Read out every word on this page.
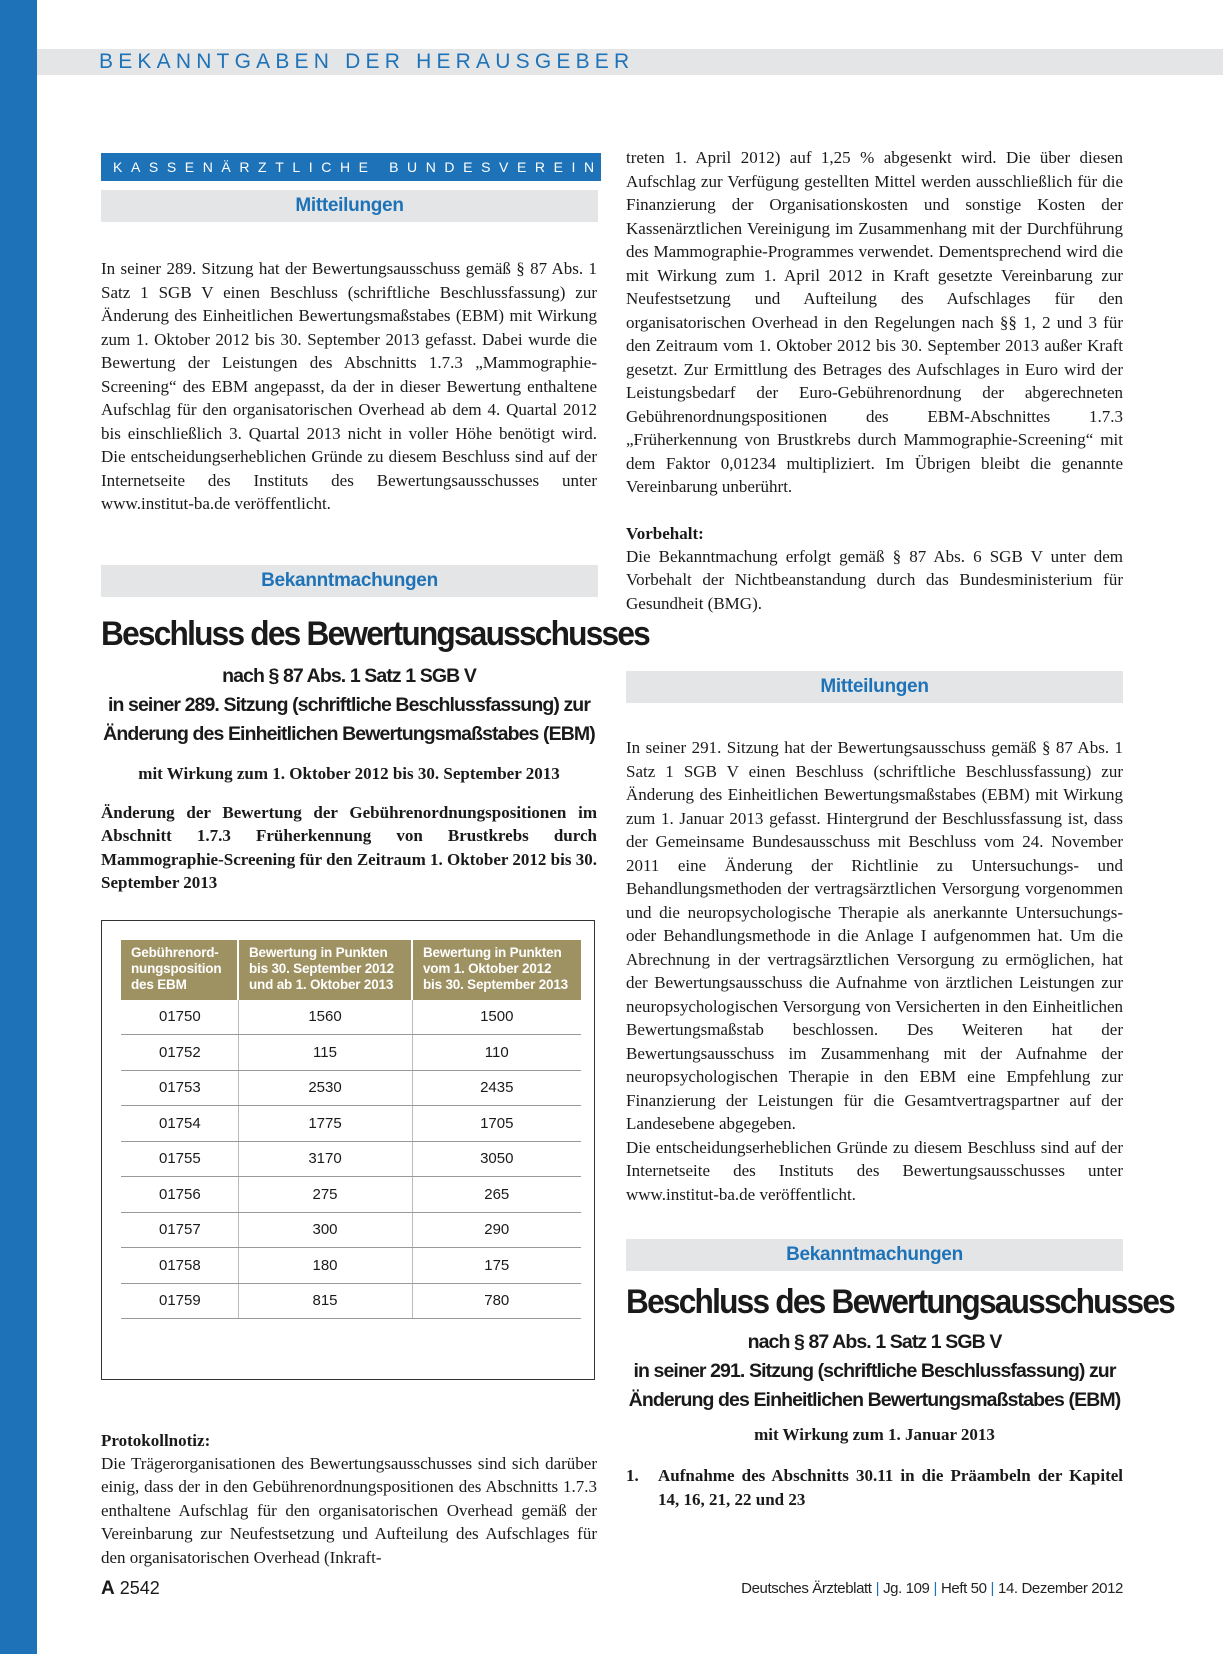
BEKANNTGABEN DER HERAUSGEBER
KASSENÄRZTLICHE BUNDESVEREINIGUNG
Mitteilungen

In seiner 289. Sitzung hat der Bewertungsausschuss gemäß § 87 Abs. 1 Satz 1 SGB V einen Beschluss (schriftliche Beschlussfassung) zur Änderung des Einheitlichen Bewertungsmaßstabes (EBM) mit Wirkung zum 1. Oktober 2012 bis 30. September 2013 gefasst. Dabei wurde die Bewertung der Leistungen des Abschnitts 1.7.3 „Mammographie-Screening“ des EBM angepasst, da der in dieser Bewertung enthaltene Aufschlag für den organisatorischen Overhead ab dem 4. Quartal 2012 bis einschließlich 3. Quartal 2013 nicht in voller Höhe benötigt wird. Die entscheidungserheblichen Gründe zu diesem Beschluss sind auf der Internetseite des Instituts des Bewertungsausschusses unter www.institut-ba.de veröffentlicht.

Bekanntmachungen
Beschluss des Bewertungsausschusses

nach § 87 Abs. 1 Satz 1 SGB V

in seiner 289. Sitzung (schriftliche Beschlussfassung) zur

Änderung des Einheitlichen Bewertungsmaßstabes (EBM)

mit Wirkung zum 1. Oktober 2012 bis 30. September 2013

Änderung der Bewertung der Gebührenordnungspositionen im Abschnitt 1.7.3 Früherkennung von Brustkrebs durch Mammographie-Screening für den Zeitraum 1. Oktober 2012 bis 30. September 2013

Gebührenord-
nungsposition
des EBM	Bewertung in Punkten
bis 30. September 2012
und ab 1. Oktober 2013	Bewertung in Punkten
vom 1. Oktober 2012
bis 30. September 2013
01750	1560	1500
01752	115	110
01753	2530	2435
01754	1775	1705
01755	3170	3050
01756	275	265
01757	300	290
01758	180	175
01759	815	780

Protokollnotiz:

Die Trägerorganisationen des Bewertungsausschusses sind sich darüber einig, dass der in den Gebührenordnungspositionen des Abschnitts 1.7.3 enthaltene Aufschlag für den organisatorischen Overhead gemäß der Vereinbarung zur Neufestsetzung und Aufteilung des Aufschlages für den organisatorischen Overhead (Inkraft-

treten 1. April 2012) auf 1,25 % abgesenkt wird. Die über diesen Aufschlag zur Verfügung gestellten Mittel werden ausschließlich für die Finanzierung der Organisationskosten und sonstige Kosten der Kassenärztlichen Vereinigung im Zusammenhang mit der Durchführung des Mammographie-Programmes verwendet. Dementsprechend wird die mit Wirkung zum 1. April 2012 in Kraft gesetzte Vereinbarung zur Neufestsetzung und Aufteilung des Aufschlages für den organisatorischen Overhead in den Regelungen nach §§ 1, 2 und 3 für den Zeitraum vom 1. Oktober 2012 bis 30. September 2013 außer Kraft gesetzt. Zur Ermittlung des Betrages des Aufschlages in Euro wird der Leistungsbedarf der Euro-Gebührenordnung der abgerechneten Gebührenordnungspositionen des EBM-Abschnittes 1.7.3 „Früherkennung von Brustkrebs durch Mammographie-Screening“ mit dem Faktor 0,01234 multipliziert. Im Übrigen bleibt die genannte Vereinbarung unberührt.

Vorbehalt:

Die Bekanntmachung erfolgt gemäß § 87 Abs. 6 SGB V unter dem Vorbehalt der Nichtbeanstandung durch das Bundesministerium für Gesundheit (BMG).

Mitteilungen

In seiner 291. Sitzung hat der Bewertungsausschuss gemäß § 87 Abs. 1 Satz 1 SGB V einen Beschluss (schriftliche Beschlussfassung) zur Änderung des Einheitlichen Bewertungsmaßstabes (EBM) mit Wirkung zum 1. Januar 2013 gefasst. Hintergrund der Beschlussfassung ist, dass der Gemeinsame Bundesausschuss mit Beschluss vom 24. November 2011 eine Änderung der Richtlinie zu Untersuchungs- und Behandlungsmethoden der vertragsärztlichen Versorgung vorgenommen und die neuropsychologische Therapie als anerkannte Untersuchungs- oder Behandlungsmethode in die Anlage I aufgenommen hat. Um die Abrechnung in der vertragsärztlichen Versorgung zu ermöglichen, hat der Bewertungsausschuss die Aufnahme von ärztlichen Leistungen zur neuropsychologischen Versorgung von Versicherten in den Einheitlichen Bewertungsmaßstab beschlossen. Des Weiteren hat der Bewertungsausschuss im Zusammenhang mit der Aufnahme der neuropsychologischen Therapie in den EBM eine Empfehlung zur Finanzierung der Leistungen für die Gesamtvertragspartner auf der Landesebene abgegeben.

Die entscheidungserheblichen Gründe zu diesem Beschluss sind auf der Internetseite des Instituts des Bewertungsausschusses unter www.institut-ba.de veröffentlicht.

Bekanntmachungen
Beschluss des Bewertungsausschusses

nach § 87 Abs. 1 Satz 1 SGB V

in seiner 291. Sitzung (schriftliche Beschlussfassung) zur

Änderung des Einheitlichen Bewertungsmaßstabes (EBM)

mit Wirkung zum 1. Januar 2013

1.	Aufnahme des Abschnitts 30.11 in die Präambeln der Kapitel 14, 16, 21, 22 und 23
A 2542	Deutsches Ärzteblatt | Jg. 109 | Heft 50 | 14. Dezember 2012
